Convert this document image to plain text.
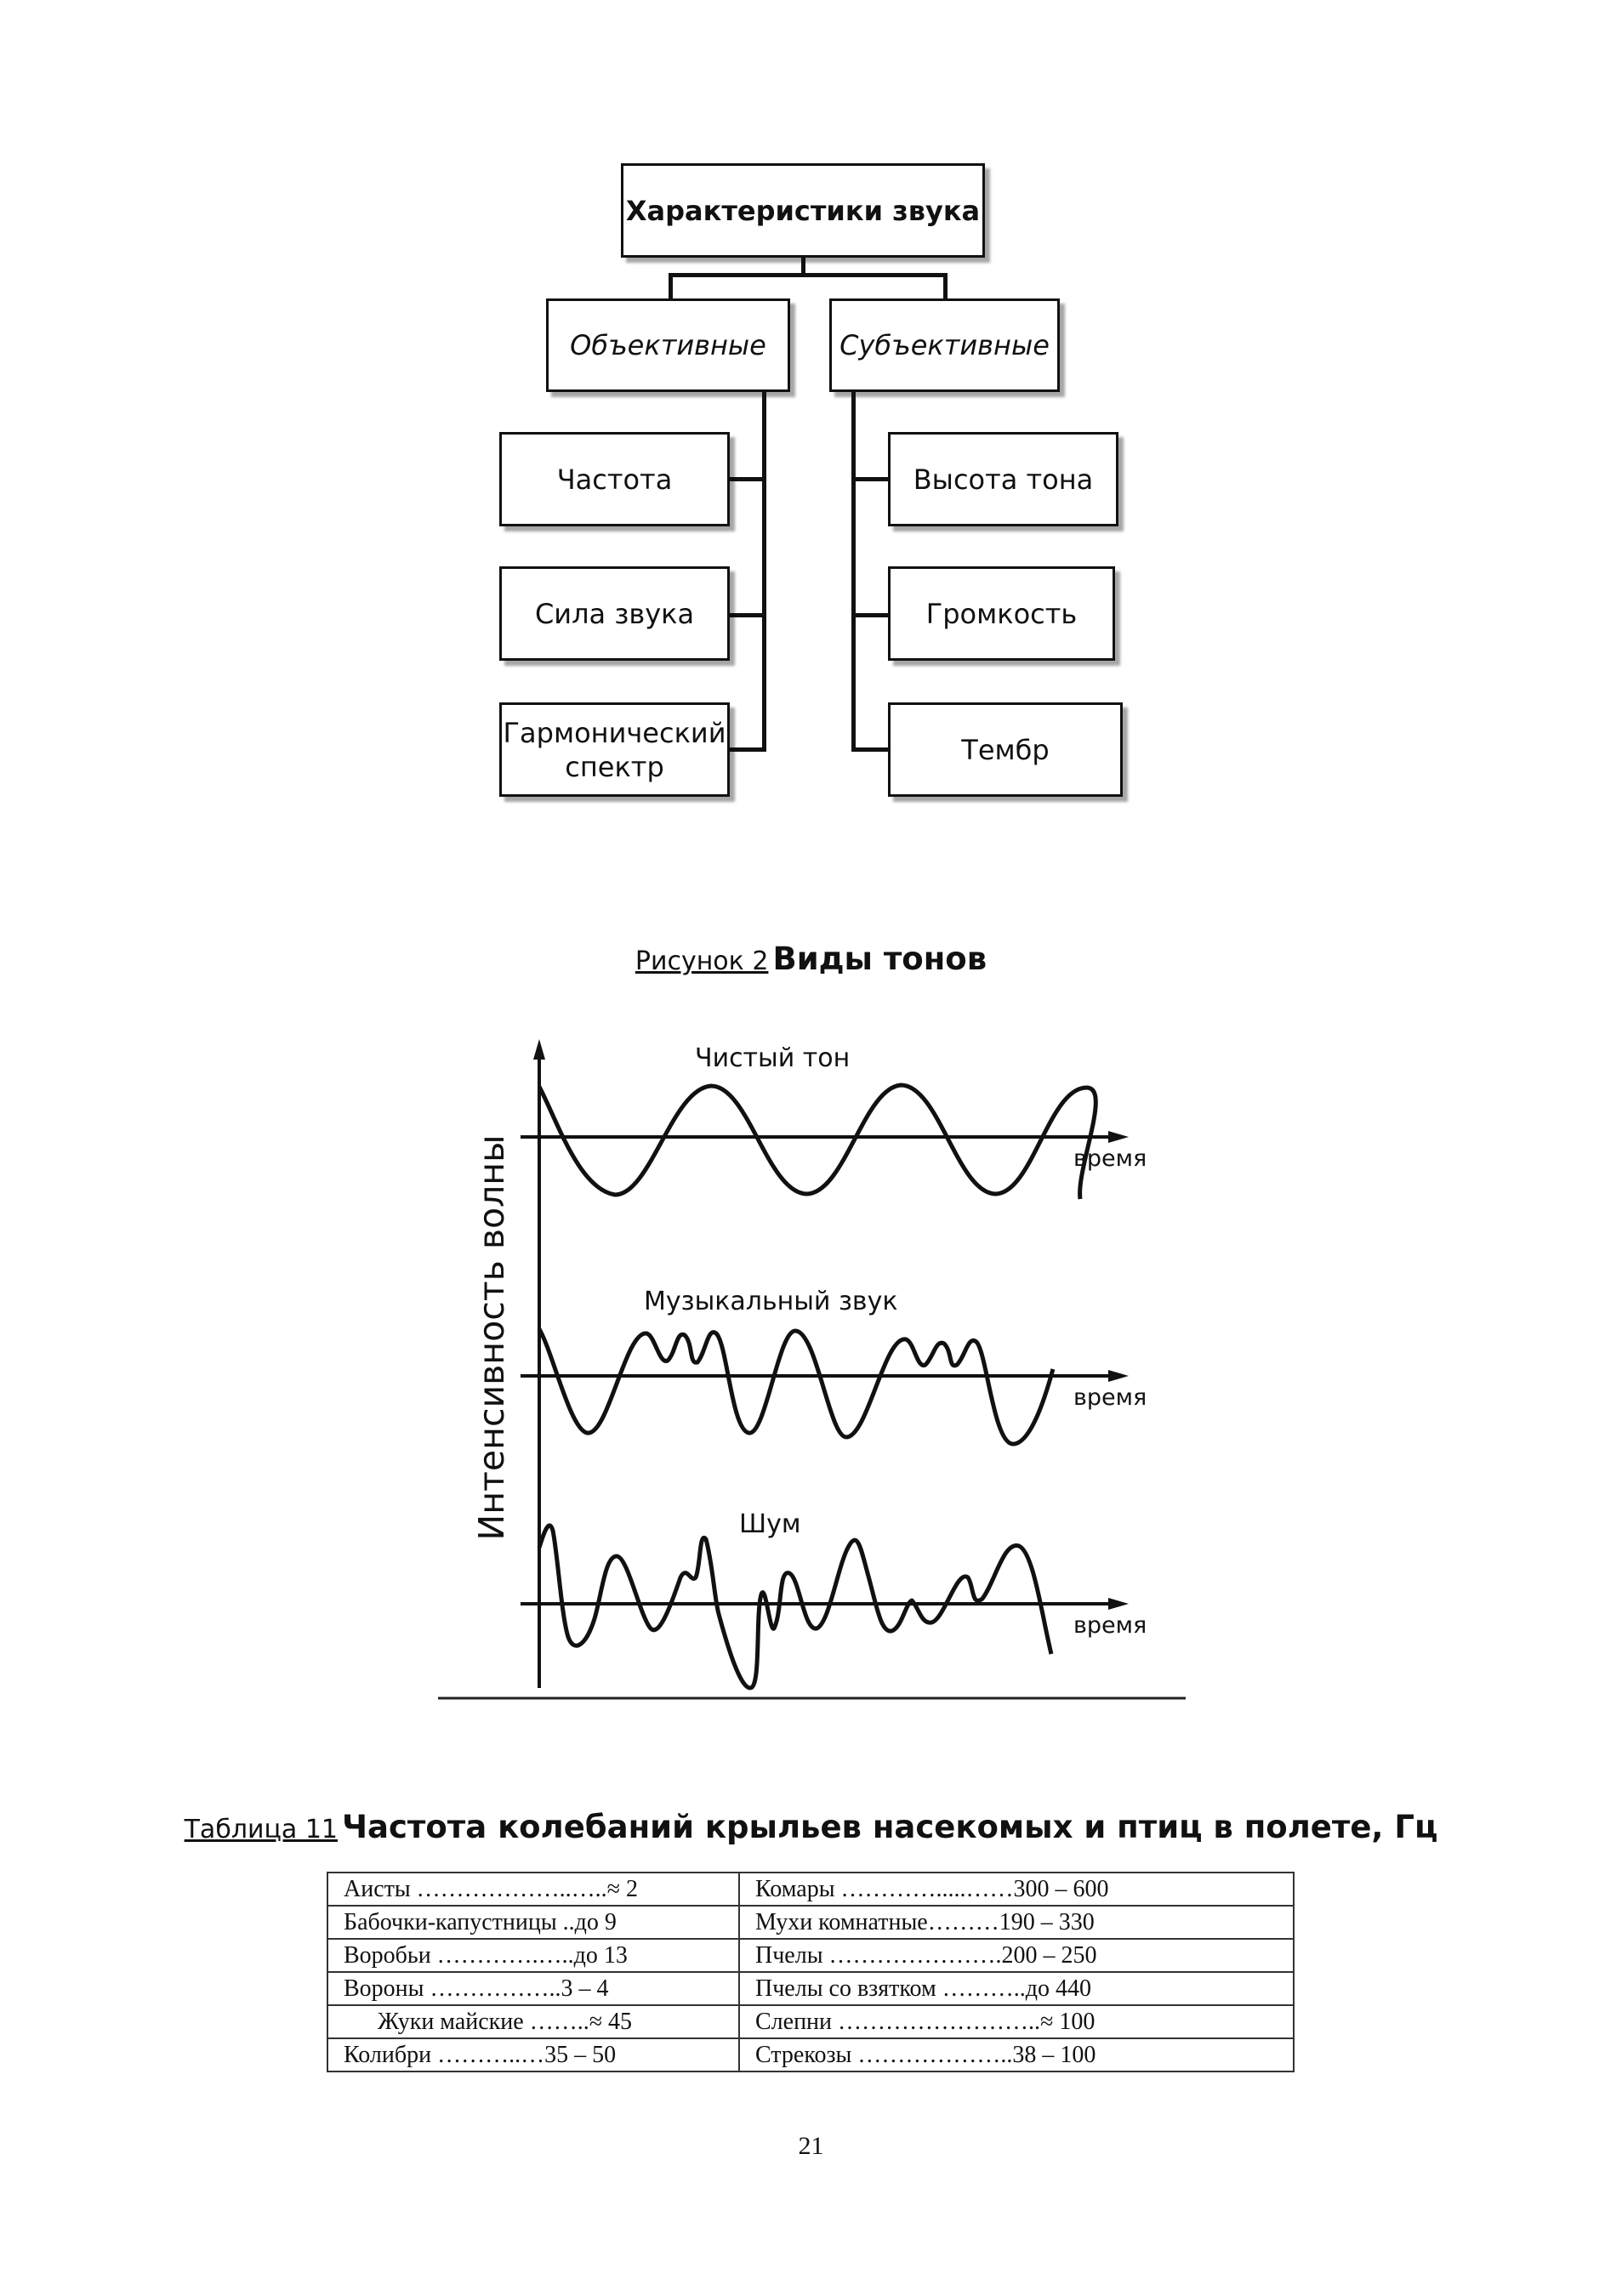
Характеристики звука
Объективные	Субъективные
Частота
Сила звука
Гармонический спектр
Высота тона
Громкость
Тембр
Рисунок 2 Виды тонов
Интенсивность волны	время
время
время
Чистый тон
Музыкальный звук
Шум
Таблица 11 Частота колебаний крыльев насекомых и птиц в полете, Гц
Аисты ………………..…..≈ 2	Комары ………….....……300 – 600
Бабочки-капустницы ..до 9	Мухи комнатные………190 – 330
Воробьи ………….…..до 13	Пчелы ………………….200 – 250
Вороны ……………..3 – 4	Пчелы со взятком ………..до 440
Жуки майские ……..≈ 45	Слепни ……………………..≈ 100
Колибри ………..…35 – 50	Стрекозы ………………..38 – 100
21
